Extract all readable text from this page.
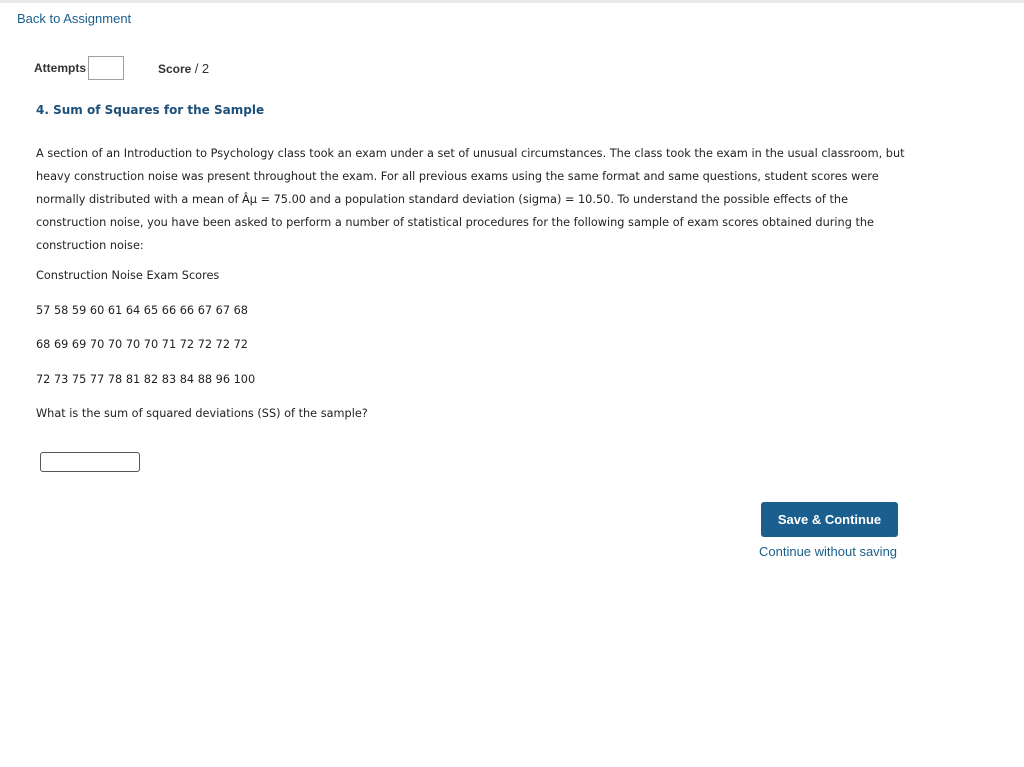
Back to Assignment
Attempts	Score / 2
4. Sum of Squares for the Sample
A section of an Introduction to Psychology class took an exam under a set of unusual circumstances. The class took the exam in the usual classroom, but heavy construction noise was present throughout the exam. For all previous exams using the same format and same questions, student scores were normally distributed with a mean of Âµ = 75.00 and a population standard deviation (sigma) = 10.50. To understand the possible effects of the construction noise, you have been asked to perform a number of statistical procedures for the following sample of exam scores obtained during the construction noise:
Construction Noise Exam Scores
57 58 59 60 61 64 65 66 66 67 67 68
68 69 69 70 70 70 70 71 72 72 72 72
72 73 75 77 78 81 82 83 84 88 96 100
What is the sum of squared deviations (SS) of the sample?
Save & Continue
Continue without saving
